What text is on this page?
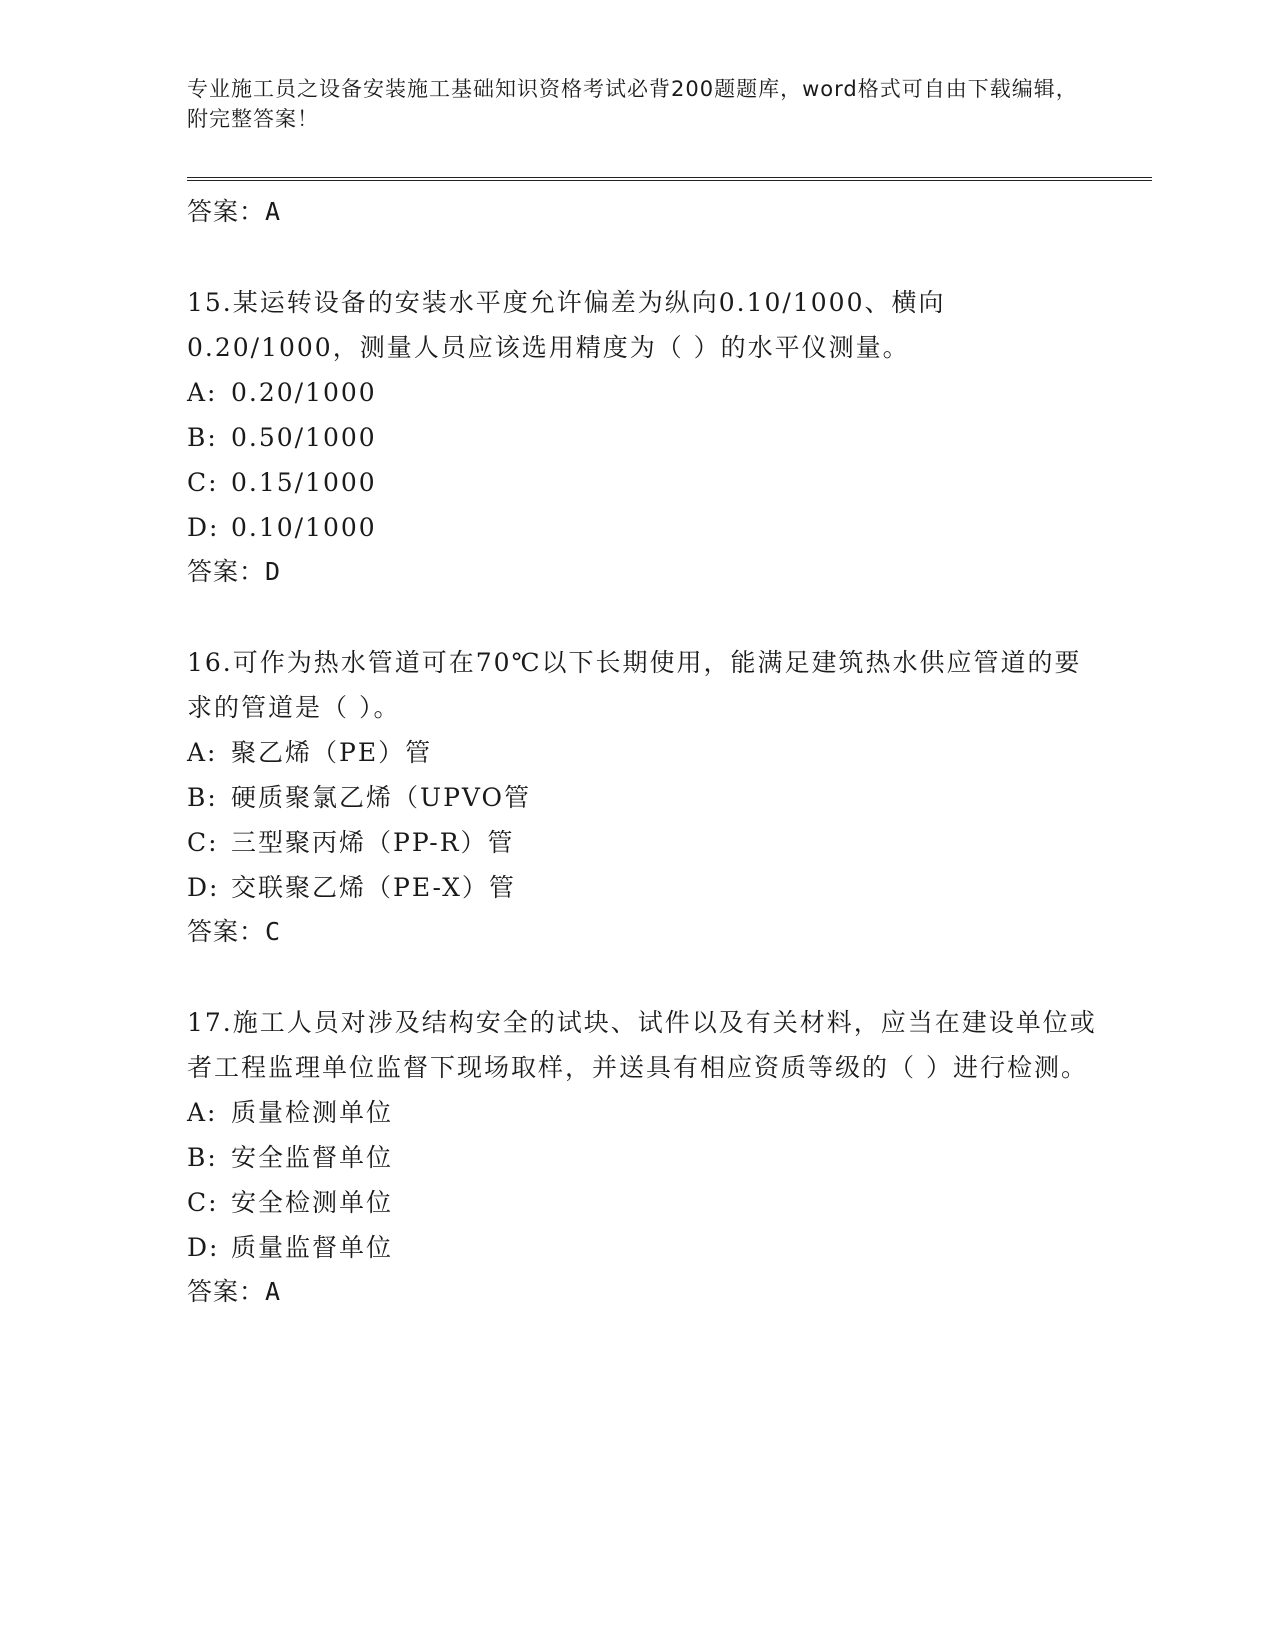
专业施工员之设备安装施工基础知识资格考试必背200题题库，word格式可自由下载编辑，附完整答案！
答案：A
15.某运转设备的安装水平度允许偏差为纵向0.10/1000、横向0.20/1000，测量人员应该选用精度为（ ）的水平仪测量。
A: 0.20/1000
B: 0.50/1000
C: 0.15/1000
D: 0.10/1000
答案：D
16.可作为热水管道可在70℃以下长期使用，能满足建筑热水供应管道的要求的管道是（ ）。
A: 聚乙烯（PE）管
B: 硬质聚氯乙烯（UPVO管
C: 三型聚丙烯（PP-R）管
D: 交联聚乙烯（PE-X）管
答案：C
17.施工人员对涉及结构安全的试块、试件以及有关材料，应当在建设单位或者工程监理单位监督下现场取样，并送具有相应资质等级的（ ）进行检测。
A: 质量检测单位
B: 安全监督单位
C: 安全检测单位
D: 质量监督单位
答案：A
